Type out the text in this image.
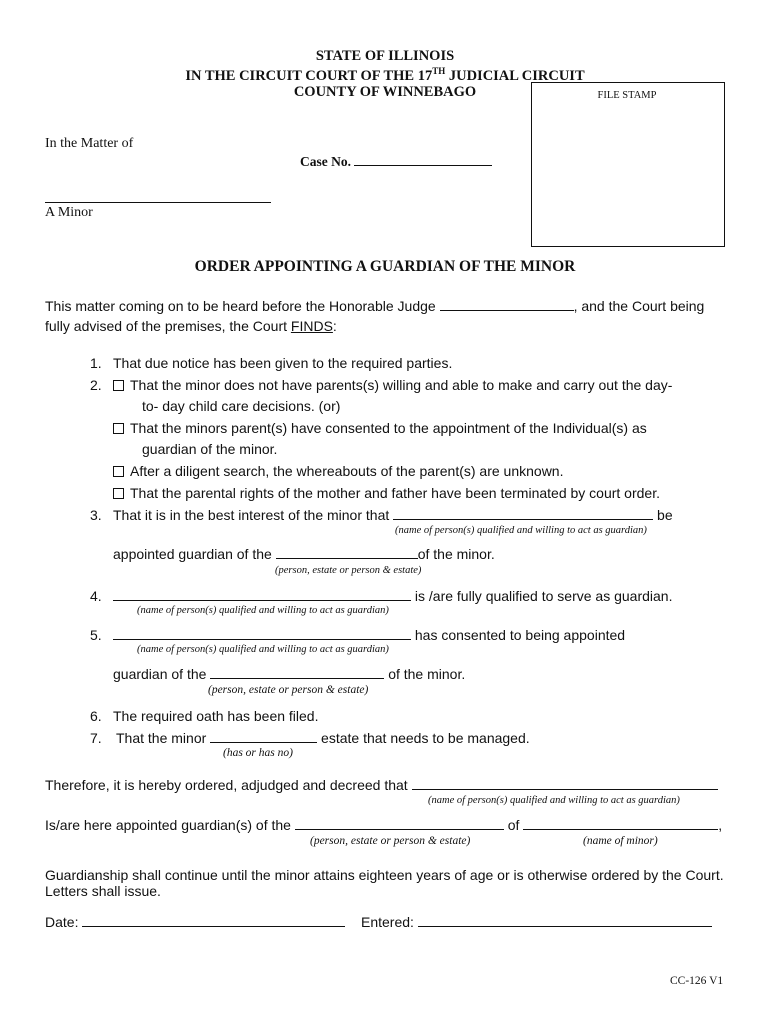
STATE OF ILLINOIS
IN THE CIRCUIT COURT OF THE 17TH JUDICIAL CIRCUIT
COUNTY OF WINNEBAGO	FILE STAMP
In the Matter of
Case No.
A Minor
ORDER APPOINTING A GUARDIAN OF THE MINOR
This matter coming on to be heard before the Honorable Judge	, and the Court being
fully advised of the premises, the Court FINDS:
1. That due notice has been given to the required parties.
2.	That the minor does not have parents(s) willing and able to make and carry out the day-
to- day child care decisions. (or)
That the minors parent(s) have consented to the appointment of the Individual(s) as
guardian of the minor.
After a diligent search, the whereabouts of the parent(s) are unknown.
That the parental rights of the mother and father have been terminated by court order.
3. That it is in the best interest of the minor that	be
(name of person(s) qualified and willing to act as guardian)
appointed guardian of the	of the minor.
(person, estate or person & estate)
4.	is /are fully qualified to serve as guardian.
(name of person(s) qualified and willing to act as guardian)
5.	has consented to being appointed
(name of person(s) qualified and willing to act as guardian)
guardian of the	of the minor.
(person, estate or person & estate)
6. The required oath has been filed.
7. That the minor	estate that needs to be managed.
(has or has no)
Therefore, it is hereby ordered, adjudged and decreed that
(name of person(s) qualified and willing to act as guardian)
Is/are here appointed guardian(s) of the	of	,
(person, estate or person & estate)	(name of minor)
Guardianship shall continue until the minor attains eighteen years of age or is otherwise ordered by the Court.
Letters shall issue.
Date:	Entered:
CC-126 V1
